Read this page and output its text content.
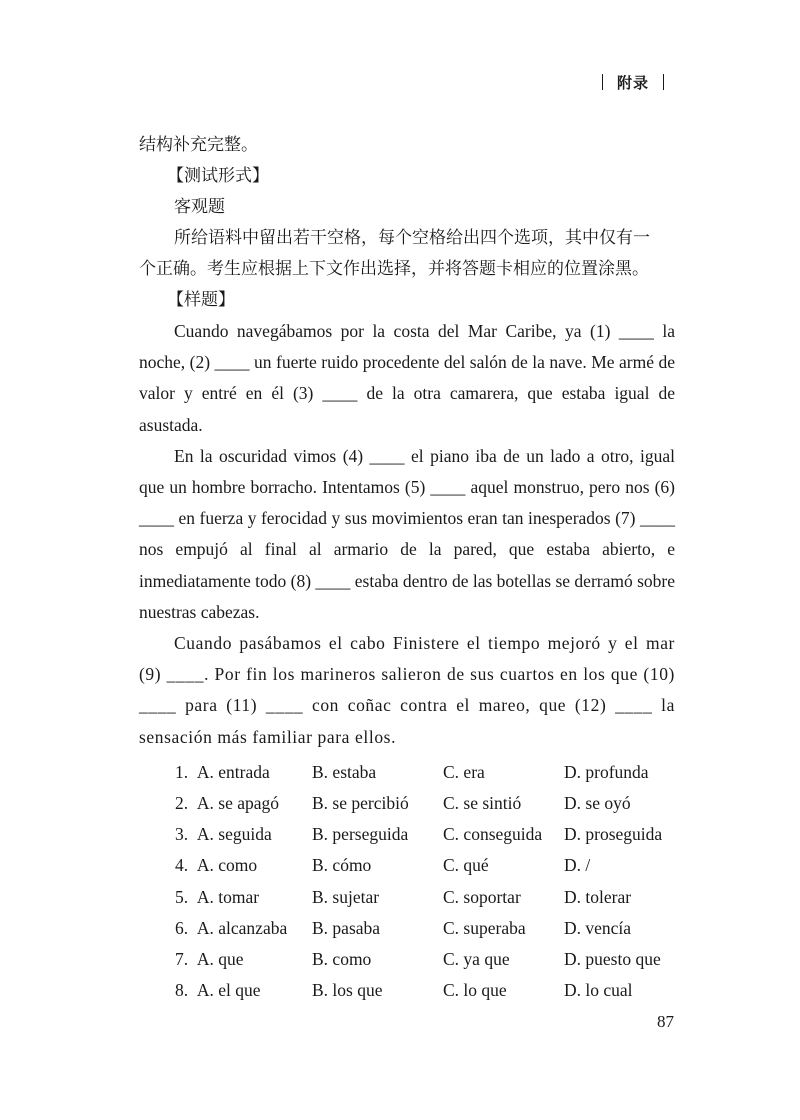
附录

结构补充完整。

【测试形式】

客观题

所给语料中留出若干空格，每个空格给出四个选项，其中仅有一

个正确。考生应根据上下文作出选择，并将答题卡相应的位置涂黑。

【样题】

Cuando navegábamos por la costa del Mar Caribe, ya (1) ____ la noche, (2) ____ un fuerte ruido procedente del salón de la nave. Me armé de valor y entré en él (3) ____ de la otra camarera, que estaba igual de asustada.

En la oscuridad vimos (4) ____ el piano iba de un lado a otro, igual que un hombre borracho. Intentamos (5) ____ aquel monstruo, pero nos (6) ____ en fuerza y ferocidad y sus movimientos eran tan inesperados (7) ____ nos empujó al final al armario de la pared, que estaba abierto, e inmediatamente todo (8) ____ estaba dentro de las botellas se derramó sobre nuestras cabezas.

Cuando pasábamos el cabo Finistere el tiempo mejoró y el mar (9) ____. Por fin los marineros salieron de sus cuartos en los que (10) ____ para (11) ____ con coñac contra el mareo, que (12) ____ la sensación más familiar para ellos.

1. A. entrada	B. estaba	C. era	D. profunda
2. A. se apagó	B. se percibió	C. se sintió	D. se oyó
3. A. seguida	B. perseguida	C. conseguida	D. proseguida
4. A. como	B. cómo	C. qué	D. /
5. A. tomar	B. sujetar	C. soportar	D. tolerar
6. A. alcanzaba	B. pasaba	C. superaba	D. vencía
7. A. que	B. como	C. ya que	D. puesto que
8. A. el que	B. los que	C. lo que	D. lo cual
87
